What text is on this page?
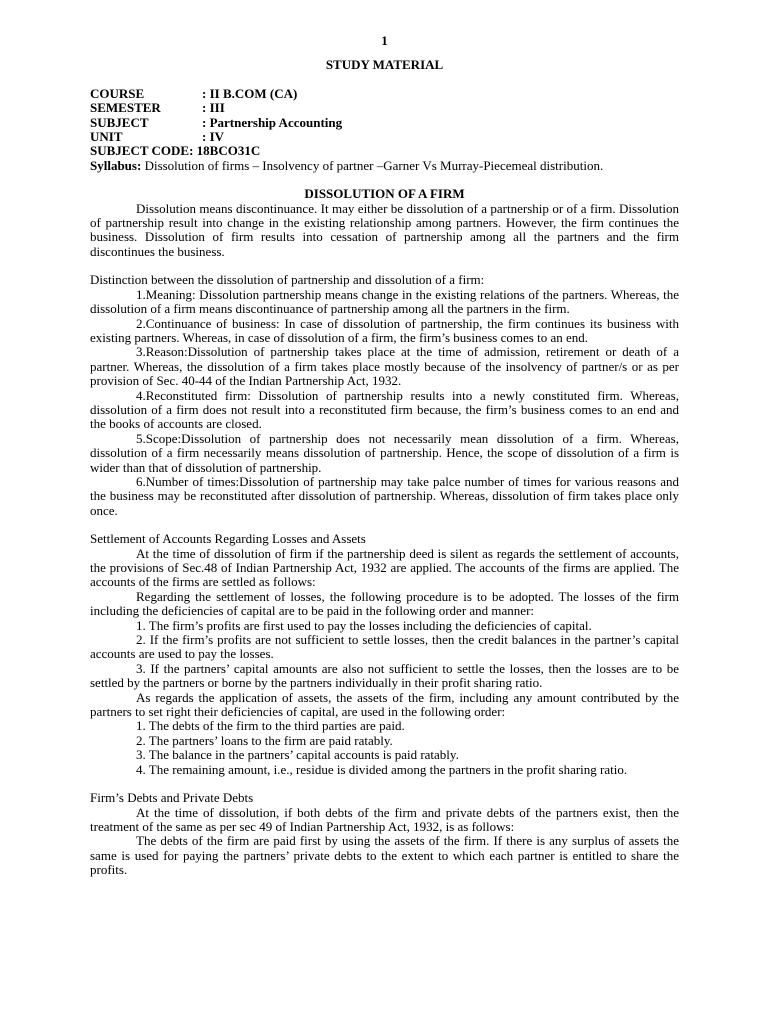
1
STUDY MATERIAL
COURSE	: II B.COM (CA)
SEMESTER	: III
SUBJECT	: Partnership Accounting
UNIT	: IV
SUBJECT CODE: 18BCO31C

Syllabus: Dissolution of firms – Insolvency of partner –Garner Vs Murray-Piecemeal distribution.

DISSOLUTION OF A FIRM

Dissolution means discontinuance. It may either be dissolution of a partnership or of a firm. Dissolution of partnership result into change in the existing relationship among partners. However, the firm continues the business. Dissolution of firm results into cessation of partnership among all the partners and the firm discontinues the business.

Distinction between the dissolution of partnership and dissolution of a firm:

1.Meaning: Dissolution partnership means change in the existing relations of the partners. Whereas, the dissolution of a firm means discontinuance of partnership among all the partners in the firm.

2.Continuance of business: In case of dissolution of partnership, the firm continues its business with existing partners. Whereas, in case of dissolution of a firm, the firm’s business comes to an end.

3.Reason:Dissolution of partnership takes place at the time of admission, retirement or death of a partner. Whereas, the dissolution of a firm takes place mostly because of the insolvency of partner/s or as per provision of Sec. 40-44 of the Indian Partnership Act, 1932.

4.Reconstituted firm: Dissolution of partnership results into a newly constituted firm. Whereas, dissolution of a firm does not result into a reconstituted firm because, the firm’s business comes to an end and the books of accounts are closed.

5.Scope:Dissolution of partnership does not necessarily mean dissolution of a firm. Whereas, dissolution of a firm necessarily means dissolution of partnership. Hence, the scope of dissolution of a firm is wider than that of dissolution of partnership.

6.Number of times:Dissolution of partnership may take palce number of times for various reasons and the business may be reconstituted after dissolution of partnership. Whereas, dissolution of firm takes place only once.

Settlement of Accounts Regarding Losses and Assets

At the time of dissolution of firm if the partnership deed is silent as regards the settlement of accounts, the provisions of Sec.48 of Indian Partnership Act, 1932 are applied. The accounts of the firms are applied. The accounts of the firms are settled as follows:

Regarding the settlement of losses, the following procedure is to be adopted. The losses of the firm including the deficiencies of capital are to be paid in the following order and manner:

1. The firm’s profits are first used to pay the losses including the deficiencies of capital.

2. If the firm’s profits are not sufficient to settle losses, then the credit balances in the partner’s capital accounts are used to pay the losses.

3. If the partners’ capital amounts are also not sufficient to settle the losses, then the losses are to be settled by the partners or borne by the partners individually in their profit sharing ratio.

As regards the application of assets, the assets of the firm, including any amount contributed by the partners to set right their deficiencies of capital, are used in the following order:

1. The debts of the firm to the third parties are paid.

2. The partners’ loans to the firm are paid ratably.

3. The balance in the partners’ capital accounts is paid ratably.

4. The remaining amount, i.e., residue is divided among the partners in the profit sharing ratio.

Firm’s Debts and Private Debts

At the time of dissolution, if both debts of the firm and private debts of the partners exist, then the treatment of the same as per sec 49 of Indian Partnership Act, 1932, is as follows:

The debts of the firm are paid first by using the assets of the firm. If there is any surplus of assets the same is used for paying the partners’ private debts to the extent to which each partner is entitled to share the profits.
